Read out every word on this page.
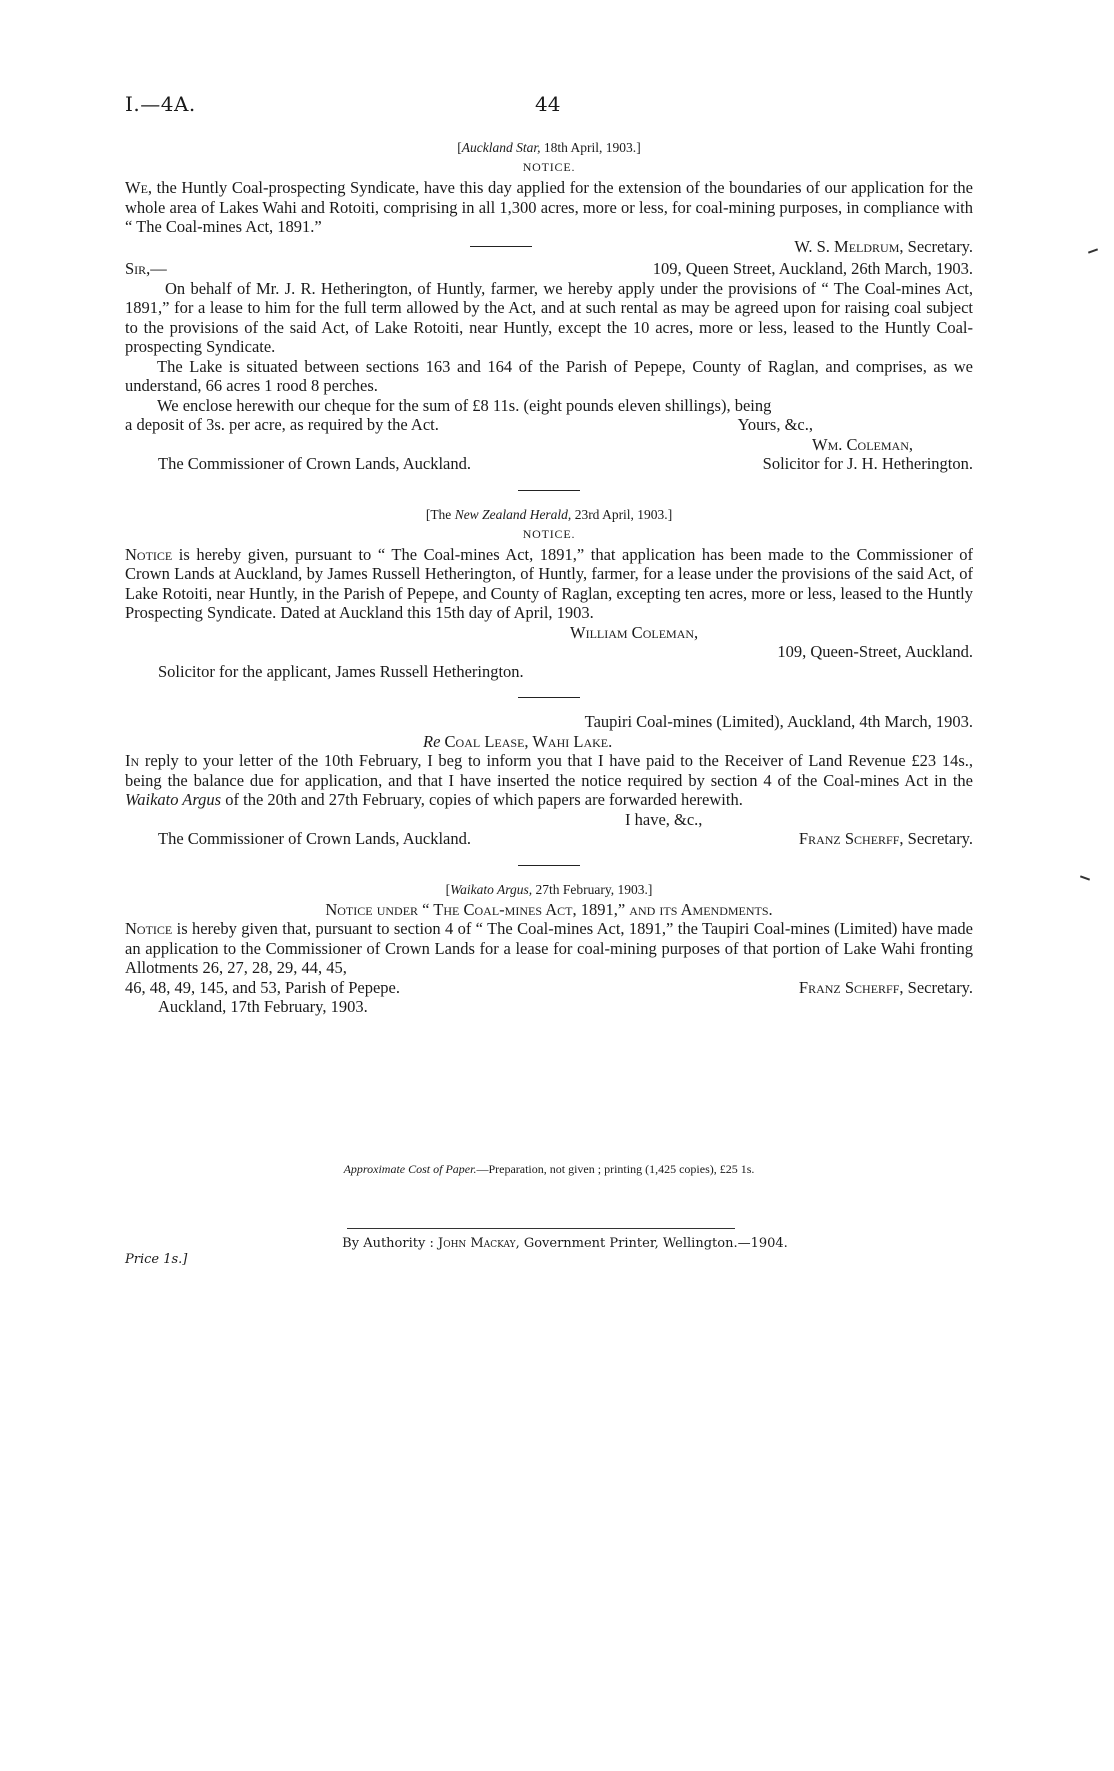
I.—4A.	44

[Auckland Star, 18th April, 1903.]

NOTICE.

We, the Huntly Coal-prospecting Syndicate, have this day applied for the extension of the boundaries of our application for the whole area of Lakes Wahi and Rotoiti, comprising in all 1,300 acres, more or less, for coal-mining purposes, in compliance with “ The Coal-mines Act, 1891.”

W. S. Meldrum, Secretary.

Sir,—	109, Queen Street, Auckland, 26th March, 1903.

On behalf of Mr. J. R. Hetherington, of Huntly, farmer, we hereby apply under the provisions of “ The Coal-mines Act, 1891,” for a lease to him for the full term allowed by the Act, and at such rental as may be agreed upon for raising coal subject to the provisions of the said Act, of Lake Rotoiti, near Huntly, except the 10 acres, more or less, leased to the Huntly Coal-prospecting Syndicate.

The Lake is situated between sections 163 and 164 of the Parish of Pepepe, County of Raglan, and comprises, as we understand, 66 acres 1 rood 8 perches.

We enclose herewith our cheque for the sum of £8 11s. (eight pounds eleven shillings), being

a deposit of 3s. per acre, as required by the Act.	Yours, &c.,

Wm. Coleman,

The Commissioner of Crown Lands, Auckland.	Solicitor for J. H. Hetherington.

[The New Zealand Herald, 23rd April, 1903.]

NOTICE.

Notice is hereby given, pursuant to “ The Coal-mines Act, 1891,” that application has been made to the Commissioner of Crown Lands at Auckland, by James Russell Hetherington, of Huntly, farmer, for a lease under the provisions of the said Act, of Lake Rotoiti, near Huntly, in the Parish of Pepepe, and County of Raglan, excepting ten acres, more or less, leased to the Huntly Prospecting Syndicate. Dated at Auckland this 15th day of April, 1903.

William Coleman,

109, Queen-Street, Auckland.

Solicitor for the applicant, James Russell Hetherington.

Taupiri Coal-mines (Limited), Auckland, 4th March, 1903.

Re Coal Lease, Wahi Lake.

In reply to your letter of the 10th February, I beg to inform you that I have paid to the Receiver of Land Revenue £23 14s., being the balance due for application, and that I have inserted the notice required by section 4 of the Coal-mines Act in the Waikato Argus of the 20th and 27th February, copies of which papers are forwarded herewith.

I have, &c.,

The Commissioner of Crown Lands, Auckland.	Franz Scherff, Secretary.

[Waikato Argus, 27th February, 1903.]

Notice under “ The Coal-mines Act, 1891,” and its Amendments.

Notice is hereby given that, pursuant to section 4 of “ The Coal-mines Act, 1891,” the Taupiri Coal-mines (Limited) have made an application to the Commissioner of Crown Lands for a lease for coal-mining purposes of that portion of Lake Wahi fronting Allotments 26, 27, 28, 29, 44, 45,

46, 48, 49, 145, and 53, Parish of Pepepe.	Franz Scherff, Secretary.

Auckland, 17th February, 1903.

Approximate Cost of Paper.—Preparation, not given ; printing (1,425 copies), £25 1s.
By Authority : John Mackay, Government Printer, Wellington.—1904.
Price 1s.]
